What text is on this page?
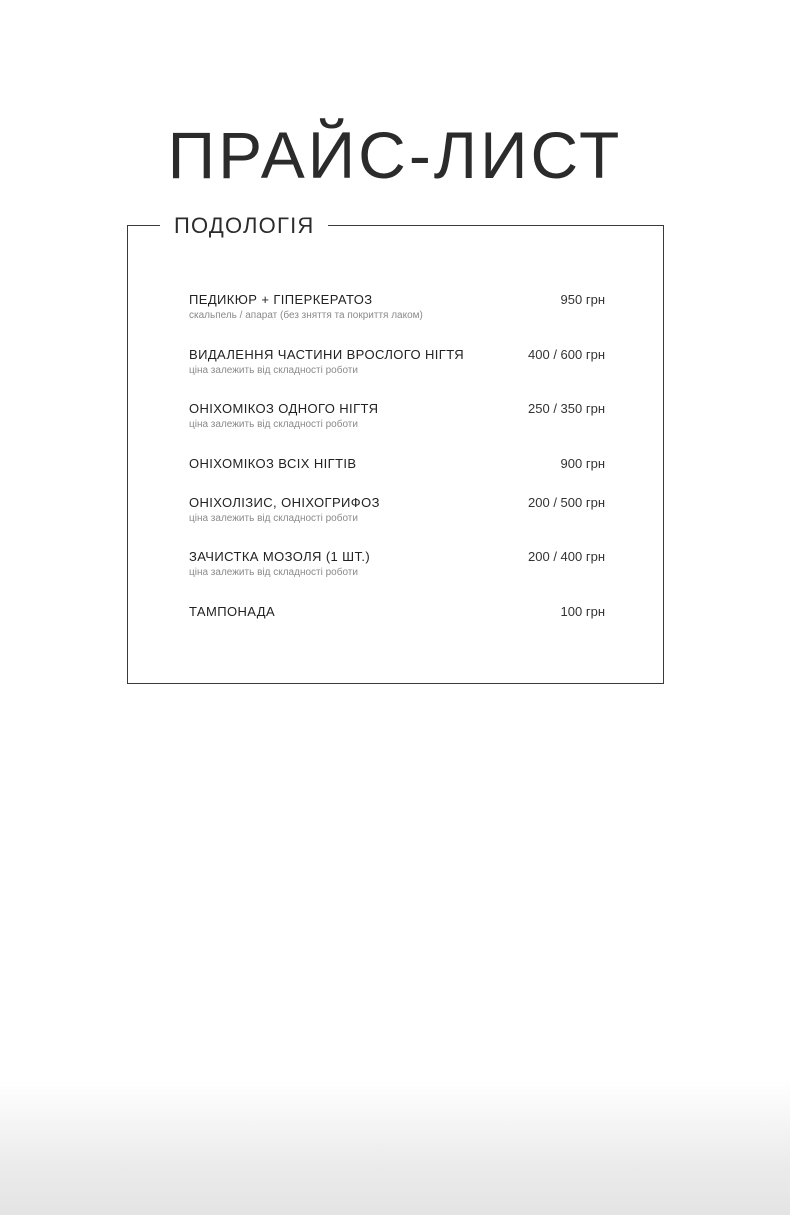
ПРАЙС-ЛИСТ
ПОДОЛОГІЯ
ПЕДИКЮР + ГІПЕРКЕРАТОЗ	950 грн
скальпель / апарат (без зняття та покриття лаком)
ВИДАЛЕННЯ ЧАСТИНИ ВРОСЛОГО НІГТЯ	400 / 600 грн
ціна залежить від складності роботи
ОНІХОМІКОЗ ОДНОГО НІГТЯ	250 / 350 грн
ціна залежить від складності роботи
ОНІХОМІКОЗ ВСІХ НІГТІВ	900 грн
ОНІХОЛІЗИС, ОНІХОГРИФОЗ	200 / 500 грн
ціна залежить від складності роботи
ЗАЧИСТКА МОЗОЛЯ (1 ШТ.)	200 / 400 грн
ціна залежить від складності роботи
ТАМПОНАДА	100 грн
